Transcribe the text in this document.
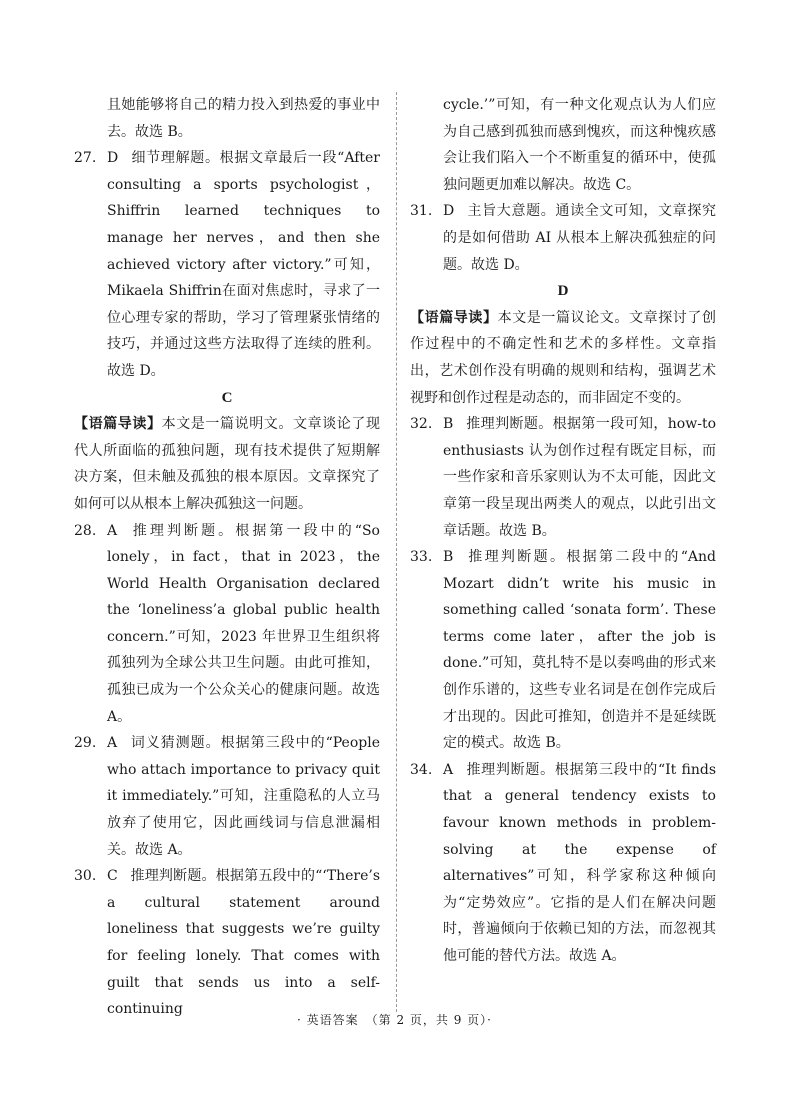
且她能够将自己的精力投入到热爱的事业中去。故选 B。

27. D 细节理解题。根据文章最后一段“After consulting a sports psychologist，Shiffrin learned techniques to manage her nerves，and then she achieved victory after victory.”可知，Mikaela Shiffrin在面对焦虑时，寻求了一位心理专家的帮助，学习了管理紧张情绪的技巧，并通过这些方法取得了连续的胜利。故选 D。

C

【语篇导读】本文是一篇说明文。文章谈论了现代人所面临的孤独问题，现有技术提供了短期解决方案，但未触及孤独的根本原因。文章探究了如何可以从根本上解决孤独这一问题。

28. A 推理判断题。根据第一段中的“So lonely，in fact，that in 2023，the World Health Organisation declared the ‘loneliness’a global public health concern.”可知，2023 年世界卫生组织将孤独列为全球公共卫生问题。由此可推知，孤独已成为一个公众关心的健康问题。故选 A。

29. A 词义猜测题。根据第三段中的“People who attach importance to privacy quit it immediately.”可知，注重隐私的人立马放弃了使用它，因此画线词与信息泄漏相关。故选 A。

30. C 推理判断题。根据第五段中的“‘There’s a cultural statement around loneliness that suggests we’re guilty for feeling lonely. That comes with guilt that sends us into a self-continuing

cycle.’”可知，有一种文化观点认为人们应为自己感到孤独而感到愧疚，而这种愧疚感会让我们陷入一个不断重复的循环中，使孤独问题更加难以解决。故选 C。

31. D 主旨大意题。通读全文可知，文章探究的是如何借助 AI 从根本上解决孤独症的问题。故选 D。

D

【语篇导读】本文是一篇议论文。文章探讨了创作过程中的不确定性和艺术的多样性。文章指出，艺术创作没有明确的规则和结构，强调艺术视野和创作过程是动态的，而非固定不变的。

32. B 推理判断题。根据第一段可知，how-to enthusiasts 认为创作过程有既定目标，而一些作家和音乐家则认为不太可能，因此文章第一段呈现出两类人的观点，以此引出文章话题。故选 B。

33. B 推理判断题。根据第二段中的“And Mozart didn’t write his music in something called ‘sonata form’. These terms come later，after the job is done.”可知，莫扎特不是以奏鸣曲的形式来创作乐谱的，这些专业名词是在创作完成后才出现的。因此可推知，创造并不是延续既定的模式。故选 B。

34. A 推理判断题。根据第三段中的“It finds that a general tendency exists to favour known methods in problem-solving at the expense of alternatives”可知，科学家称这种倾向为“定势效应”。它指的是人们在解决问题时，普遍倾向于依赖已知的方法，而忽视其他可能的替代方法。故选 A。

· 英语答案　（第 2 页，共 9 页）·
